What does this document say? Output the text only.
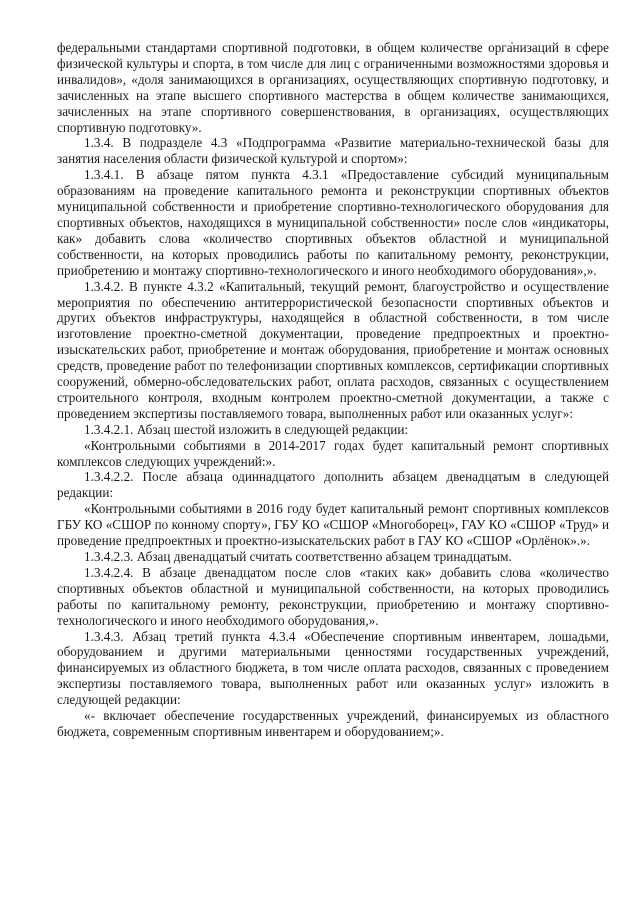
федеральными стандартами спортивной подготовки, в общем количестве организаций в сфере физической культуры и спорта, в том числе для лиц с ограниченными возможностями здоровья и инвалидов», «доля занимающихся в организациях, осуществляющих спортивную подготовку, и зачисленных на этапе высшего спортивного мастерства в общем количестве занимающихся, зачисленных на этапе спортивного совершенствования, в организациях, осуществляющих спортивную подготовку».

1.3.4. В подразделе 4.3 «Подпрограмма «Развитие материально-технической базы для занятия населения области физической культурой и спортом»:

1.3.4.1. В абзаце пятом пункта 4.3.1 «Предоставление субсидий муниципальным образованиям на проведение капитального ремонта и реконструкции спортивных объектов муниципальной собственности и приобретение спортивно-технологического оборудования для спортивных объектов, находящихся в муниципальной собственности» после слов «индикаторы, как» добавить слова «количество спортивных объектов областной и муниципальной собственности, на которых проводились работы по капитальному ремонту, реконструкции, приобретению и монтажу спортивно-технологического и иного необходимого оборудования»,».

1.3.4.2. В пункте 4.3.2 «Капитальный, текущий ремонт, благоустройство и осуществление мероприятия по обеспечению антитеррористической безопасности спортивных объектов и других объектов инфраструктуры, находящейся в областной собственности, в том числе изготовление проектно-сметной документации, проведение предпроектных и проектно-изыскательских работ, приобретение и монтаж оборудования, приобретение и монтаж основных средств, проведение работ по телефонизации спортивных комплексов, сертификации спортивных сооружений, обмерно-обследовательских работ, оплата расходов, связанных с осуществлением строительного контроля, входным контролем проектно-сметной документации, а также с проведением экспертизы поставляемого товара, выполненных работ или оказанных услуг»:

1.3.4.2.1. Абзац шестой изложить в следующей редакции:

«Контрольными событиями в 2014-2017 годах будет капитальный ремонт спортивных комплексов следующих учреждений:».

1.3.4.2.2. После абзаца одиннадцатого дополнить абзацем двенадцатым в следующей редакции:

«Контрольными событиями в 2016 году будет капитальный ремонт спортивных комплексов ГБУ КО «СШОР по конному спорту», ГБУ КО «СШОР «Многоборец», ГАУ КО «СШОР «Труд» и проведение предпроектных и проектно-изыскательских работ в ГАУ КО «СШОР «Орлёнок».».

1.3.4.2.3. Абзац двенадцатый считать соответственно абзацем тринадцатым.

1.3.4.2.4. В абзаце двенадцатом после слов «таких как» добавить слова «количество спортивных объектов областной и муниципальной собственности, на которых проводились работы по капитальному ремонту, реконструкции, приобретению и монтажу спортивно-технологического и иного необходимого оборудования,».

1.3.4.3. Абзац третий пункта 4.3.4 «Обеспечение спортивным инвентарем, лошадьми, оборудованием и другими материальными ценностями государственных учреждений, финансируемых из областного бюджета, в том числе оплата расходов, связанных с проведением экспертизы поставляемого товара, выполненных работ или оказанных услуг» изложить в следующей редакции:

«- включает обеспечение государственных учреждений, финансируемых из областного бюджета, современным спортивным инвентарем и оборудованием;».
